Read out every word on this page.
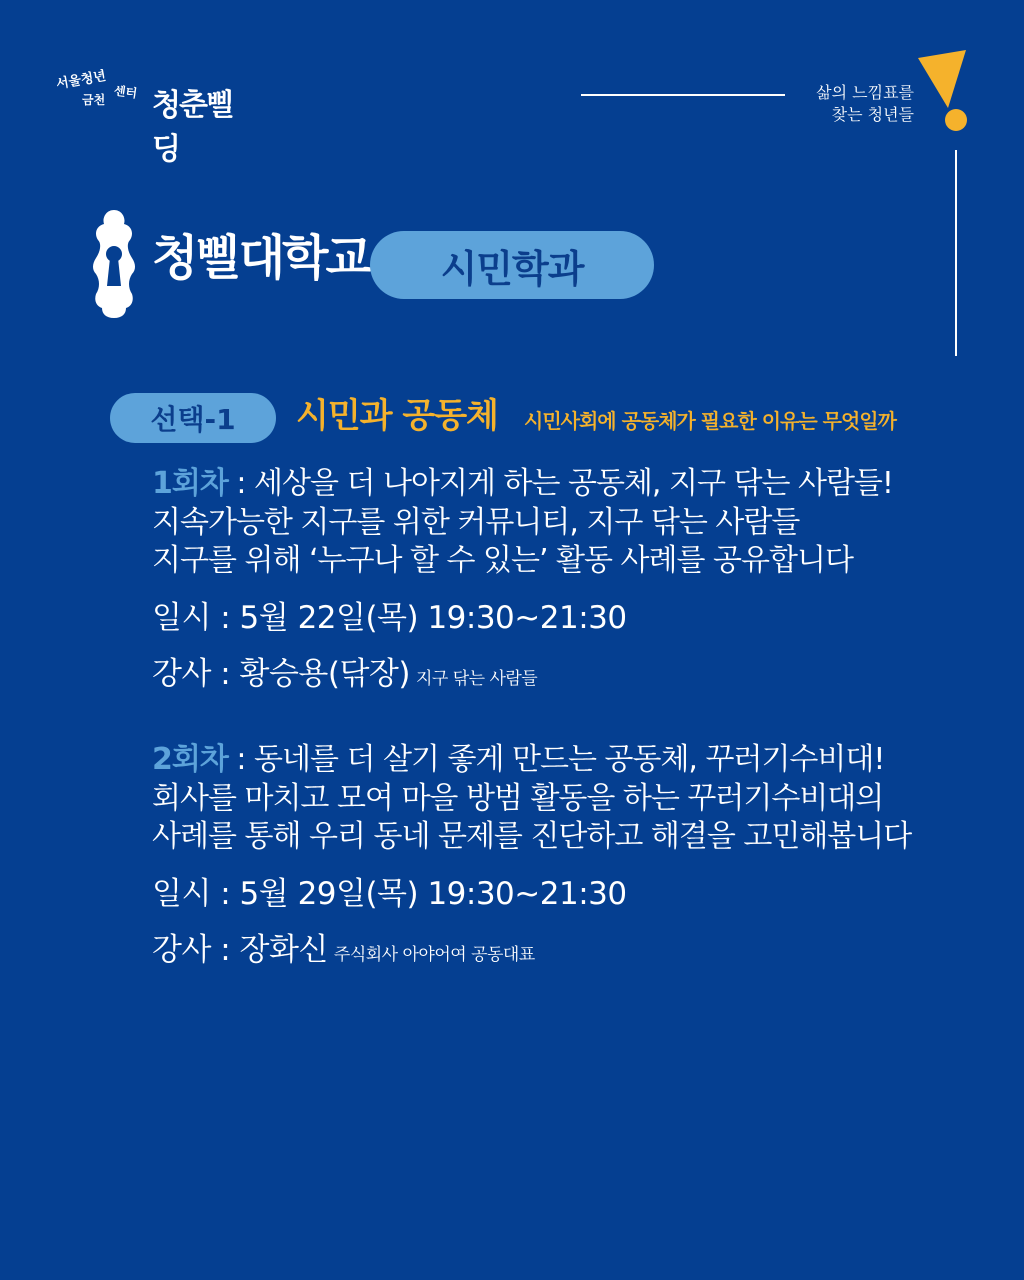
서울청년
금천 센터 청춘삘딩
삶의 느낌표를
찾는 청년들
청삘대학교	시민학과
선택-1	시민과 공동체 시민사회에 공동체가 필요한 이유는 무엇일까
1회차 : 세상을 더 나아지게 하는 공동체, 지구 닦는 사람들!
지속가능한 지구를 위한 커뮤니티, 지구 닦는 사람들
지구를 위해 ‘누구나 할 수 있는’ 활동 사례를 공유합니다
일시 : 5월 22일(목) 19:30~21:30
강사 : 황승용(닦장) 지구 닦는 사람들
2회차 : 동네를 더 살기 좋게 만드는 공동체, 꾸러기수비대!
회사를 마치고 모여 마을 방범 활동을 하는 꾸러기수비대의
사례를 통해 우리 동네 문제를 진단하고 해결을 고민해봅니다
일시 : 5월 29일(목) 19:30~21:30
강사 : 장화신 주식회사 아야어여 공동대표
